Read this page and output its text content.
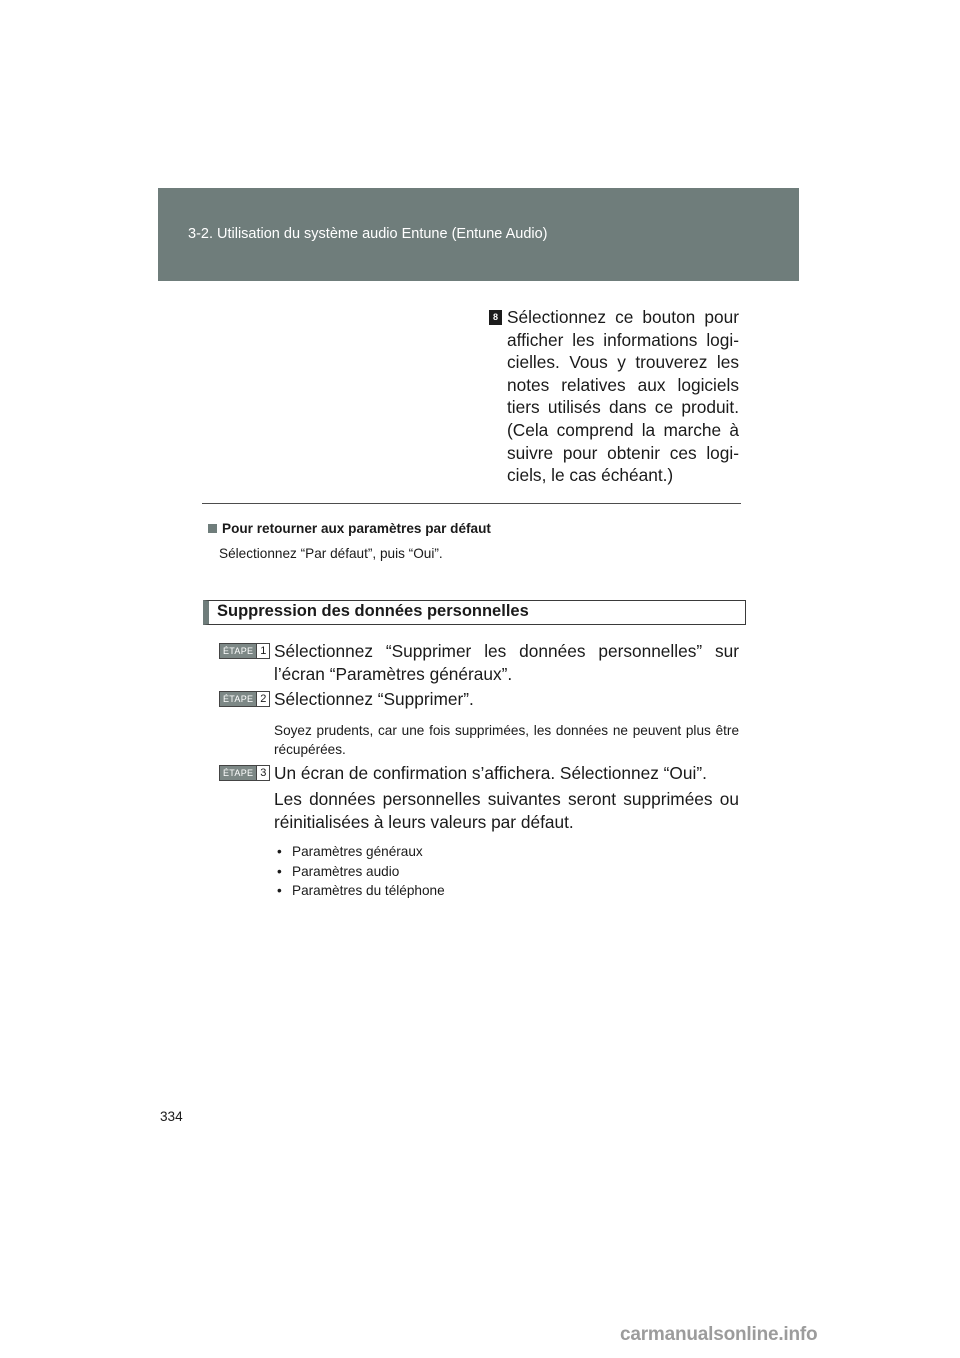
3-2. Utilisation du système audio Entune (Entune Audio)
8 Sélectionnez ce bouton pour afficher les informations logi-cielles. Vous y trouverez les notes relatives aux logiciels tiers utilisés dans ce produit. (Cela comprend la marche à suivre pour obtenir ces logi-ciels, le cas échéant.)
Pour retourner aux paramètres par défaut
Sélectionnez “Par défaut”, puis “Oui”.
Suppression des données personnelles
ÉTAPE 1 Sélectionnez “Supprimer les données personnelles” sur l’écran “Paramètres généraux”.
ÉTAPE 2 Sélectionnez “Supprimer”.
Soyez prudents, car une fois supprimées, les données ne peuvent plus être récupérées.
ÉTAPE 3 Un écran de confirmation s’affichera. Sélectionnez “Oui”.
Les données personnelles suivantes seront supprimées ou réinitialisées à leurs valeurs par défaut.
• Paramètres généraux
• Paramètres audio
• Paramètres du téléphone
334
carmanualsonline.info
